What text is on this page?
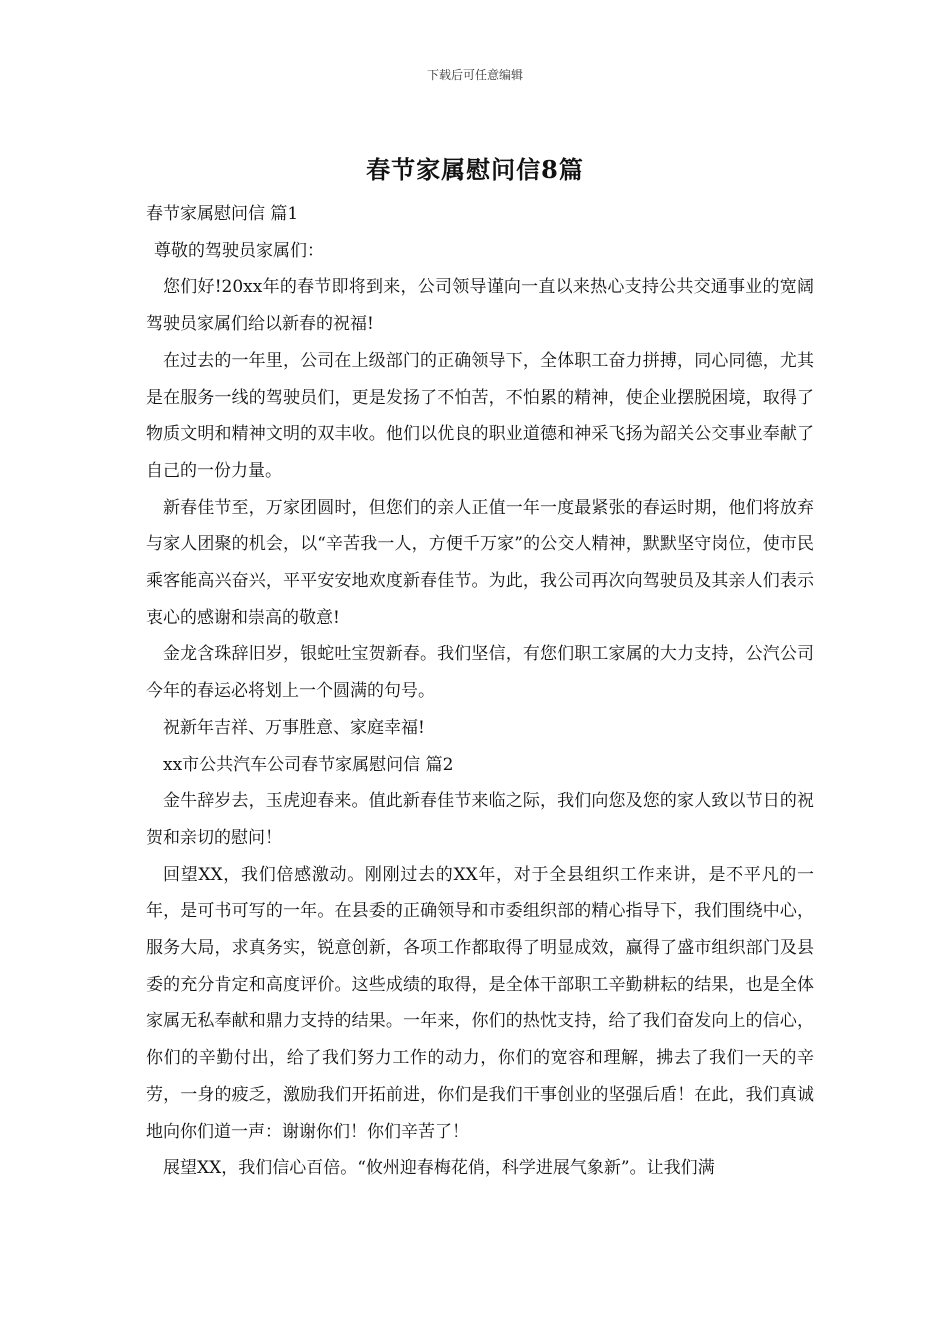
下载后可任意编辑
春节家属慰问信8篇

春节家属慰问信 篇1

尊敬的驾驶员家属们：

您们好!20xx年的春节即将到来，公司领导谨向一直以来热心支持公共交通事业的宽阔驾驶员家属们给以新春的祝福!

在过去的一年里，公司在上级部门的正确领导下，全体职工奋力拼搏，同心同德，尤其是在服务一线的驾驶员们，更是发扬了不怕苦，不怕累的精神，使企业摆脱困境，取得了物质文明和精神文明的双丰收。他们以优良的职业道德和神采飞扬为韶关公交事业奉献了自己的一份力量。

新春佳节至，万家团圆时，但您们的亲人正值一年一度最紧张的春运时期，他们将放弃与家人团聚的机会，以“辛苦我一人，方便千万家”的公交人精神，默默坚守岗位，使市民乘客能高兴奋兴，平平安安地欢度新春佳节。为此，我公司再次向驾驶员及其亲人们表示衷心的感谢和崇高的敬意!

金龙含珠辞旧岁，银蛇吐宝贺新春。我们坚信，有您们职工家属的大力支持，公汽公司今年的春运必将划上一个圆满的句号。

祝新年吉祥、万事胜意、家庭幸福!

xx市公共汽车公司春节家属慰问信 篇2

金牛辞岁去，玉虎迎春来。值此新春佳节来临之际，我们向您及您的家人致以节日的祝贺和亲切的慰问！

回望XX，我们倍感激动。刚刚过去的XX年，对于全县组织工作来讲，是不平凡的一年，是可书可写的一年。在县委的正确领导和市委组织部的精心指导下，我们围绕中心，服务大局，求真务实，锐意创新，各项工作都取得了明显成效，赢得了盛市组织部门及县委的充分肯定和高度评价。这些成绩的取得，是全体干部职工辛勤耕耘的结果，也是全体家属无私奉献和鼎力支持的结果。一年来，你们的热忱支持，给了我们奋发向上的信心，你们的辛勤付出，给了我们努力工作的动力，你们的宽容和理解，拂去了我们一天的辛劳，一身的疲乏，激励我们开拓前进，你们是我们干事创业的坚强后盾！在此，我们真诚地向你们道一声：谢谢你们！你们辛苦了！

展望XX，我们信心百倍。“攸州迎春梅花俏，科学进展气象新”。让我们满
